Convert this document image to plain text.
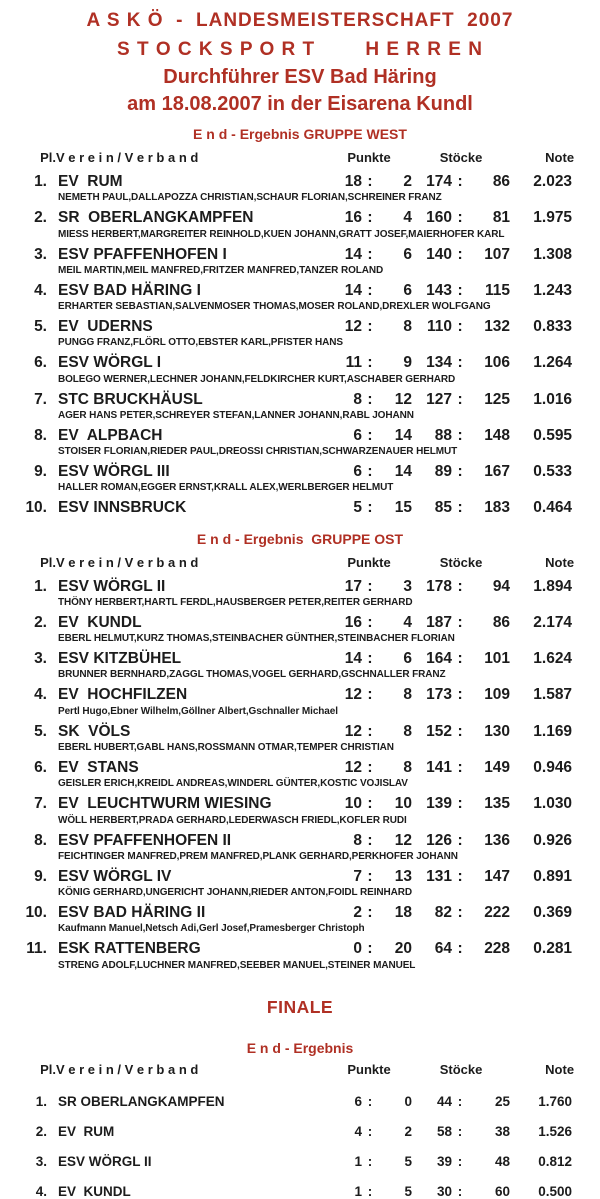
A S K Ö  -  LANDESMEISTERSCHAFT  2007
S T O C K S P O R T        H E R R E N
Durchführer ESV Bad Häring
am 18.08.2007 in der Eisarena Kundl
E n d - Ergebnis GRUPPE WEST
Pl.	V e r e i n / V e r b a n d	Punkte			Stöcke			Note
1.	EV  RUM	18	:	2	174	:	86	2.023
	NEMETH PAUL,DALLAPOZZA CHRISTIAN,SCHAUR FLORIAN,SCHREINER FRANZ							
2.	SR  OBERLANGKAMPFEN	16	:	4	160	:	81	1.975
	MIESS HERBERT,MARGREITER REINHOLD,KUEN JOHANN,GRATT JOSEF,MAIERHOFER KARL							
3.	ESV PFAFFENHOFEN I	14	:	6	140	:	107	1.308
	MEIL MARTIN,MEIL MANFRED,FRITZER MANFRED,TANZER ROLAND							
4.	ESV BAD HÄRING I	14	:	6	143	:	115	1.243
	ERHARTER SEBASTIAN,SALVENMOSER THOMAS,MOSER ROLAND,DREXLER WOLFGANG							
5.	EV  UDERNS	12	:	8	110	:	132	0.833
	PUNGG FRANZ,FLÖRL OTTO,EBSTER KARL,PFISTER HANS							
6.	ESV WÖRGL I	11	:	9	134	:	106	1.264
	BOLEGO WERNER,LECHNER JOHANN,FELDKIRCHER KURT,ASCHABER GERHARD							
7.	STC BRUCKHÄUSL	8	:	12	127	:	125	1.016
	AGER HANS PETER,SCHREYER STEFAN,LANNER JOHANN,RABL JOHANN							
8.	EV  ALPBACH	6	:	14	88	:	148	0.595
	STOISER FLORIAN,RIEDER PAUL,DREOSSI CHRISTIAN,SCHWARZENAUER HELMUT							
9.	ESV WÖRGL III	6	:	14	89	:	167	0.533
	HALLER ROMAN,EGGER ERNST,KRALL ALEX,WERLBERGER HELMUT							
10.	ESV INNSBRUCK	5	:	15	85	:	183	0.464
E n d - Ergebnis  GRUPPE OST
Pl.	V e r e i n / V e r b a n d	Punkte			Stöcke			Note
1.	ESV WÖRGL II	17	:	3	178	:	94	1.894
	THÖNY HERBERT,HARTL FERDL,HAUSBERGER PETER,REITER GERHARD							
2.	EV  KUNDL	16	:	4	187	:	86	2.174
	EBERL HELMUT,KURZ THOMAS,STEINBACHER GÜNTHER,STEINBACHER FLORIAN							
3.	ESV KITZBÜHEL	14	:	6	164	:	101	1.624
	BRUNNER BERNHARD,ZAGGL THOMAS,VOGEL GERHARD,GSCHNALLER FRANZ							
4.	EV  HOCHFILZEN	12	:	8	173	:	109	1.587
	Pertl Hugo,Ebner Wilhelm,Göllner Albert,Gschnaller Michael							
5.	SK  VÖLS	12	:	8	152	:	130	1.169
	EBERL HUBERT,GABL HANS,ROSSMANN OTMAR,TEMPER CHRISTIAN							
6.	EV  STANS	12	:	8	141	:	149	0.946
	GEISLER ERICH,KREIDL ANDREAS,WINDERL GÜNTER,KOSTIC VOJISLAV							
7.	EV  LEUCHTWURM WIESING	10	:	10	139	:	135	1.030
	WÖLL HERBERT,PRADA GERHARD,LEDERWASCH FRIEDL,KOFLER RUDI							
8.	ESV PFAFFENHOFEN II	8	:	12	126	:	136	0.926
	FEICHTINGER MANFRED,PREM MANFRED,PLANK GERHARD,PERKHOFER JOHANN							
9.	ESV WÖRGL IV	7	:	13	131	:	147	0.891
	KÖNIG GERHARD,UNGERICHT JOHANN,RIEDER ANTON,FOIDL REINHARD							
10.	ESV BAD HÄRING II	2	:	18	82	:	222	0.369
	Kaufmann Manuel,Netsch Adi,Gerl Josef,Pramesberger Christoph							
11.	ESK RATTENBERG	0	:	20	64	:	228	0.281
	STRENG ADOLF,LUCHNER MANFRED,SEEBER MANUEL,STEINER MANUEL							
FINALE
E n d - Ergebnis
Pl.	V e r e i n / V e r b a n d	Punkte			Stöcke			Note
1.	SR OBERLANGKAMPFEN	6	:	0	44	:	25	1.760
2.	EV  RUM	4	:	2	58	:	38	1.526
3.	ESV WÖRGL II	1	:	5	39	:	48	0.812
4.	EV  KUNDL	1	:	5	30	:	60	0.500
